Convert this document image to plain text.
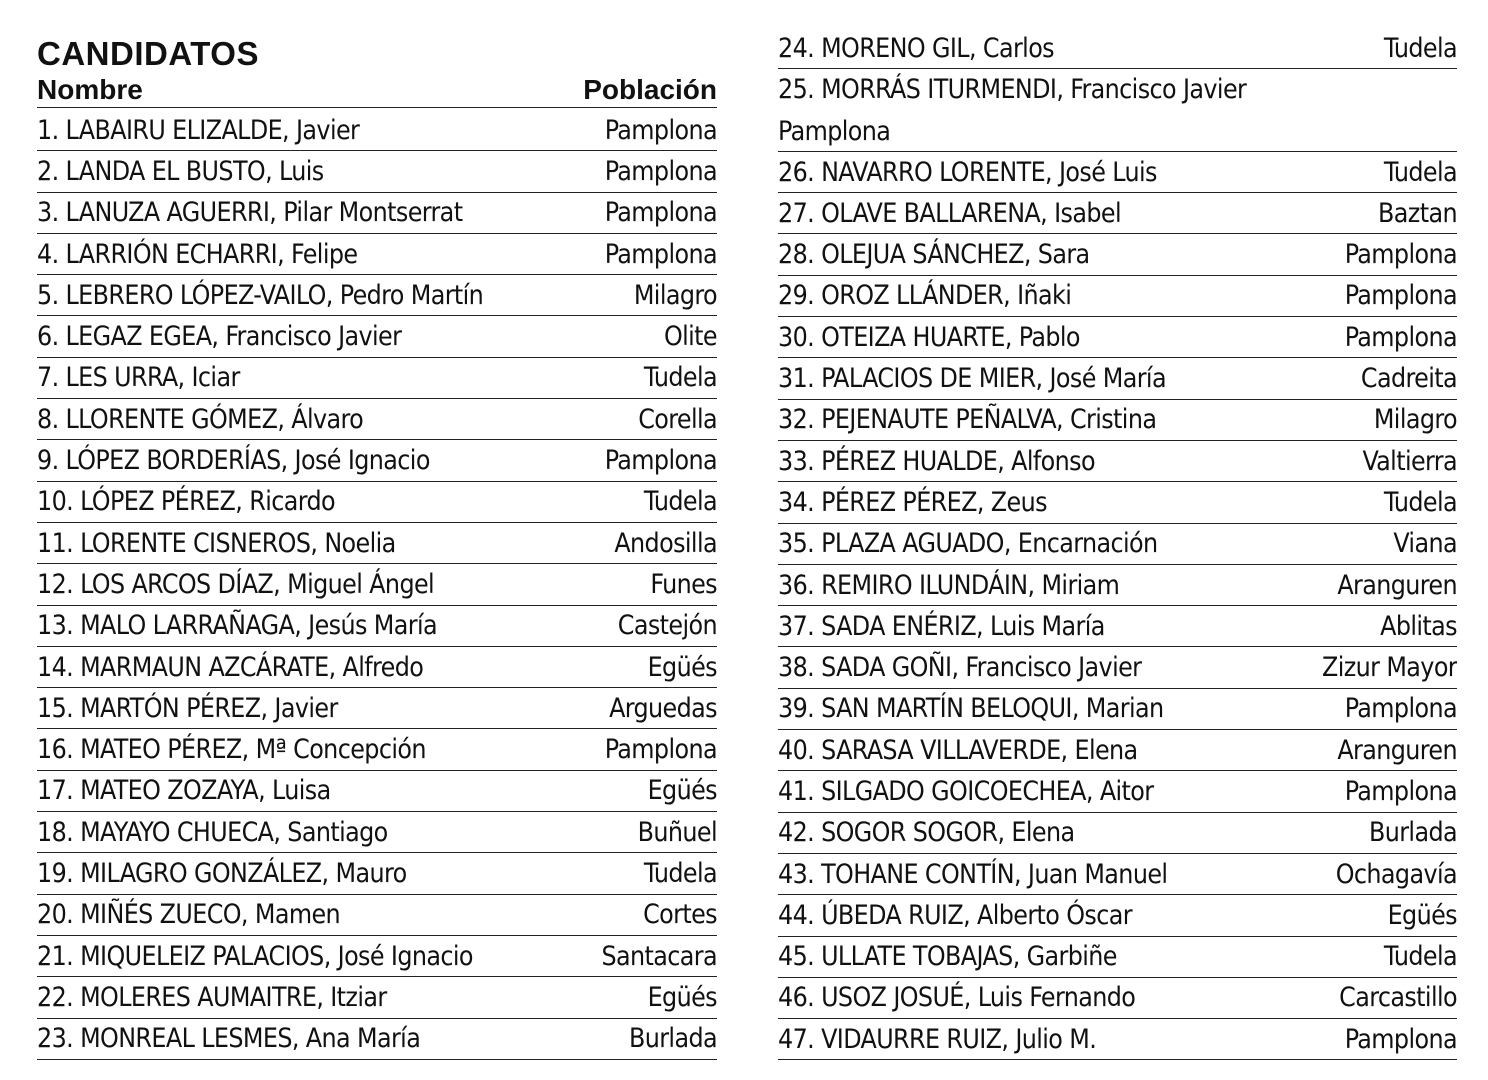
CANDIDATOS
Nombre	Población
1. LABAIRU ELIZALDE, Javier	Pamplona
2. LANDA EL BUSTO, Luis	Pamplona
3. LANUZA AGUERRI, Pilar Montserrat	Pamplona
4. LARRIÓN ECHARRI, Felipe	Pamplona
5. LEBRERO LÓPEZ-VAILO, Pedro Martín	Milagro
6. LEGAZ EGEA, Francisco Javier	Olite
7. LES URRA, Iciar	Tudela
8. LLORENTE GÓMEZ, Álvaro	Corella
9. LÓPEZ BORDERÍAS, José Ignacio	Pamplona
10. LÓPEZ PÉREZ, Ricardo	Tudela
11. LORENTE CISNEROS, Noelia	Andosilla
12. LOS ARCOS DÍAZ, Miguel Ángel	Funes
13. MALO LARRAÑAGA, Jesús María	Castejón
14. MARMAUN AZCÁRATE, Alfredo	Egüés
15. MARTÓN PÉREZ, Javier	Arguedas
16. MATEO PÉREZ, Mª Concepción	Pamplona
17. MATEO ZOZAYA, Luisa	Egüés
18. MAYAYO CHUECA, Santiago	Buñuel
19. MILAGRO GONZÁLEZ, Mauro	Tudela
20. MIÑÉS ZUECO, Mamen	Cortes
21. MIQUELEIZ PALACIOS, José Ignacio	Santacara
22. MOLERES AUMAITRE, Itziar	Egüés
23. MONREAL LESMES, Ana María	Burlada
24. MORENO GIL, Carlos	Tudela
25. MORRÁS ITURMENDI, Francisco Javier
Pamplona
26. NAVARRO LORENTE, José Luis	Tudela
27. OLAVE BALLARENA, Isabel	Baztan
28. OLEJUA SÁNCHEZ, Sara	Pamplona
29. OROZ LLÁNDER, Iñaki	Pamplona
30. OTEIZA HUARTE, Pablo	Pamplona
31. PALACIOS DE MIER, José María	Cadreita
32. PEJENAUTE PEÑALVA, Cristina	Milagro
33. PÉREZ HUALDE, Alfonso	Valtierra
34. PÉREZ PÉREZ, Zeus	Tudela
35. PLAZA AGUADO, Encarnación	Viana
36. REMIRO ILUNDÁIN, Miriam	Aranguren
37. SADA ENÉRIZ, Luis María	Ablitas
38. SADA GOÑI, Francisco Javier	Zizur Mayor
39. SAN MARTÍN BELOQUI, Marian	Pamplona
40. SARASA VILLAVERDE, Elena	Aranguren
41. SILGADO GOICOECHEA, Aitor	Pamplona
42. SOGOR SOGOR, Elena	Burlada
43. TOHANE CONTÍN, Juan Manuel	Ochagavía
44. ÚBEDA RUIZ, Alberto Óscar	Egüés
45. ULLATE TOBAJAS, Garbiñe	Tudela
46. USOZ JOSUÉ, Luis Fernando	Carcastillo
47. VIDAURRE RUIZ, Julio M.	Pamplona
